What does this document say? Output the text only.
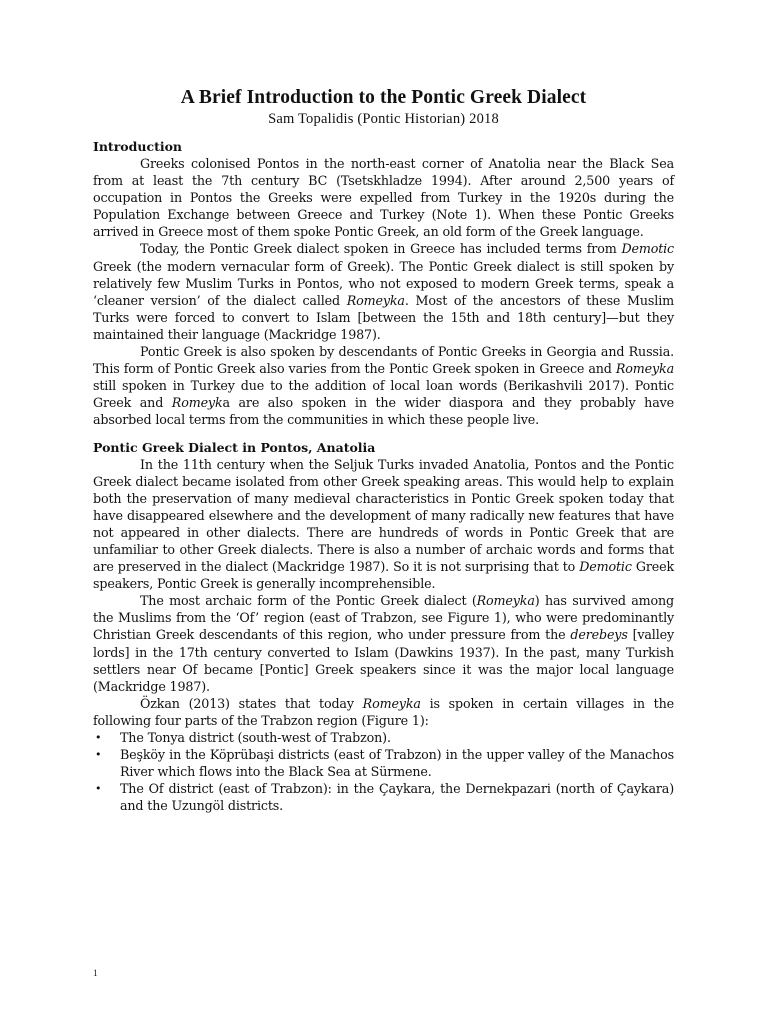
A Brief Introduction to the Pontic Greek Dialect
Sam Topalidis (Pontic Historian) 2018
Introduction

Greeks colonised Pontos in the north-east corner of Anatolia near the Black Sea from at least the 7th century BC (Tsetskhladze 1994). After around 2,500 years of occupation in Pontos the Greeks were expelled from Turkey in the 1920s during the Population Exchange between Greece and Turkey (Note 1). When these Pontic Greeks arrived in Greece most of them spoke Pontic Greek, an old form of the Greek language.

Today, the Pontic Greek dialect spoken in Greece has included terms from Demotic Greek (the modern vernacular form of Greek). The Pontic Greek dialect is still spoken by relatively few Muslim Turks in Pontos, who not exposed to modern Greek terms, speak a ‘cleaner version’ of the dialect called Romeyka. Most of the ancestors of these Muslim Turks were forced to convert to Islam [between the 15th and 18th century]—but they maintained their language (Mackridge 1987).

Pontic Greek is also spoken by descendants of Pontic Greeks in Georgia and Russia. This form of Pontic Greek also varies from the Pontic Greek spoken in Greece and Romeyka still spoken in Turkey due to the addition of local loan words (Berikashvili 2017). Pontic Greek and Romeyka are also spoken in the wider diaspora and they probably have absorbed local terms from the communities in which these people live.

Pontic Greek Dialect in Pontos, Anatolia

In the 11th century when the Seljuk Turks invaded Anatolia, Pontos and the Pontic Greek dialect became isolated from other Greek speaking areas. This would help to explain both the preservation of many medieval characteristics in Pontic Greek spoken today that have disappeared elsewhere and the development of many radically new features that have not appeared in other dialects. There are hundreds of words in Pontic Greek that are unfamiliar to other Greek dialects. There is also a number of archaic words and forms that are preserved in the dialect (Mackridge 1987). So it is not surprising that to Demotic Greek speakers, Pontic Greek is generally incomprehensible.

The most archaic form of the Pontic Greek dialect (Romeyka) has survived among the Muslims from the ‘Of’ region (east of Trabzon, see Figure 1), who were predominantly Christian Greek descendants of this region, who under pressure from the derebeys [valley lords] in the 17th century converted to Islam (Dawkins 1937). In the past, many Turkish settlers near Of became [Pontic] Greek speakers since it was the major local language (Mackridge 1987).

Özkan (2013) states that today Romeyka is spoken in certain villages in the following four parts of the Trabzon region (Figure 1):

• The Tonya district (south-west of Trabzon).
• Beşköy in the Köprübaşi districts (east of Trabzon) in the upper valley of the Manachos River which flows into the Black Sea at Sürmene.
• The Of district (east of Trabzon): in the Çaykara, the Dernekpazari (north of Çaykara) and the Uzungöl districts.
1
